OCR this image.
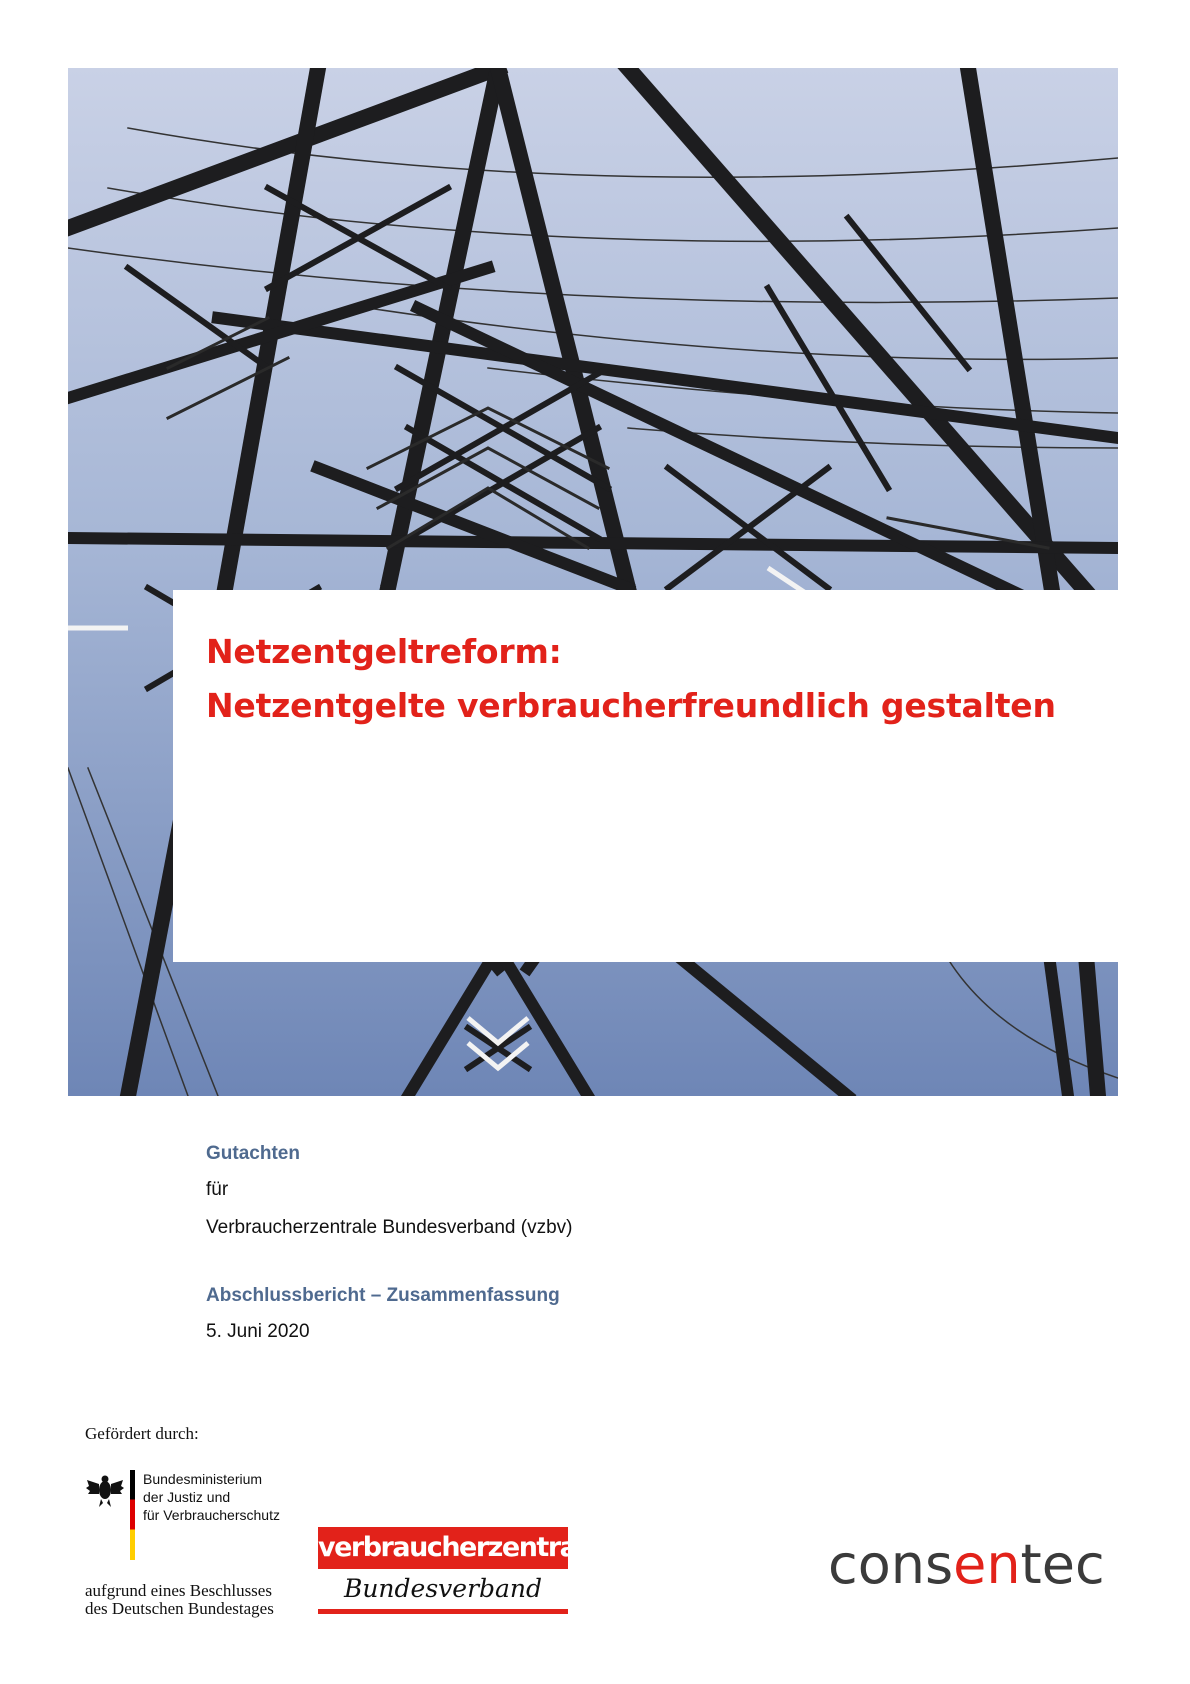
Netzentgeltreform:
Netzentgelte verbraucherfreundlich gestalten

Gutachten

für

Verbraucherzentrale Bundesverband (vzbv)

Abschlussbericht – Zusammenfassung

5. Juni 2020

Gefördert durch:

Bundesministerium
der Justiz und
für Verbraucherschutz
aufgrund eines Beschlusses
des Deutschen Bundestages
verbraucherzentrale
Bundesverband	consentec
